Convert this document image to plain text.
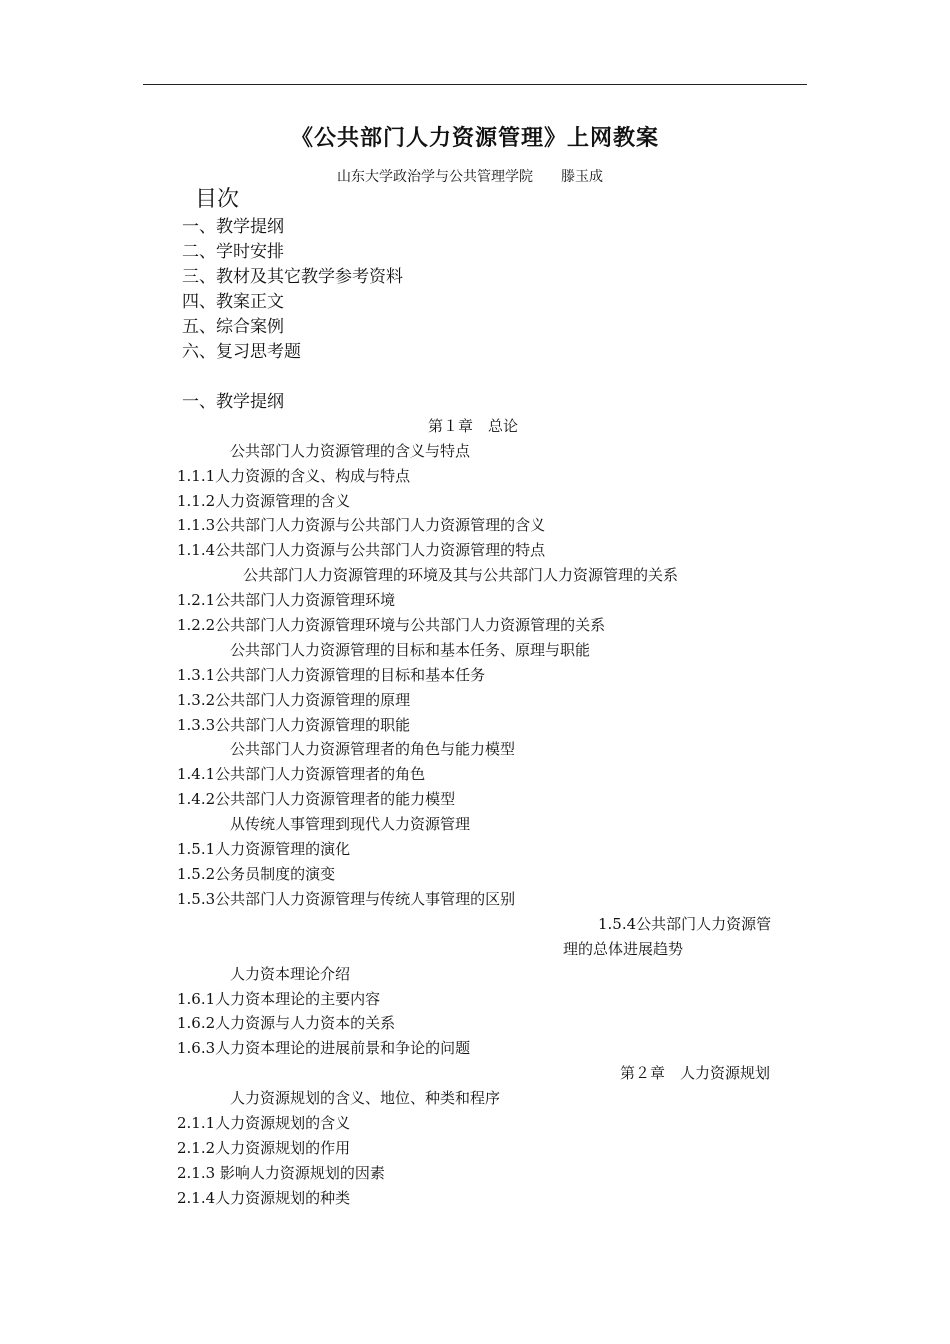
《公共部门人力资源管理》上网教案
山东大学政治学与公共管理学院　　滕玉成
目次
一、教学提纲
二、学时安排
三、教材及其它教学参考资料
四、教案正文
五、综合案例
六、复习思考题
一、教学提纲
第１章　总论
公共部门人力资源管理的含义与特点
1.1.1人力资源的含义、构成与特点
1.1.2人力资源管理的含义
1.1.3公共部门人力资源与公共部门人力资源管理的含义
1.1.4公共部门人力资源与公共部门人力资源管理的特点
公共部门人力资源管理的环境及其与公共部门人力资源管理的关系
1.2.1公共部门人力资源管理环境
1.2.2公共部门人力资源管理环境与公共部门人力资源管理的关系
公共部门人力资源管理的目标和基本任务、原理与职能
1.3.1公共部门人力资源管理的目标和基本任务
1.3.2公共部门人力资源管理的原理
1.3.3公共部门人力资源管理的职能
公共部门人力资源管理者的角色与能力模型
1.4.1公共部门人力资源管理者的角色
1.4.2公共部门人力资源管理者的能力模型
从传统人事管理到现代人力资源管理
1.5.1人力资源管理的演化
1.5.2公务员制度的演变
1.5.3公共部门人力资源管理与传统人事管理的区别
1.5.4公共部门人力资源管
理的总体进展趋势
人力资本理论介绍
1.6.1人力资本理论的主要内容
1.6.2人力资源与人力资本的关系
1.6.3人力资本理论的进展前景和争论的问题
第２章　人力资源规划
人力资源规划的含义、地位、种类和程序
2.1.1人力资源规划的含义
2.1.2人力资源规划的作用
2.1.3 影响人力资源规划的因素
2.1.4人力资源规划的种类
